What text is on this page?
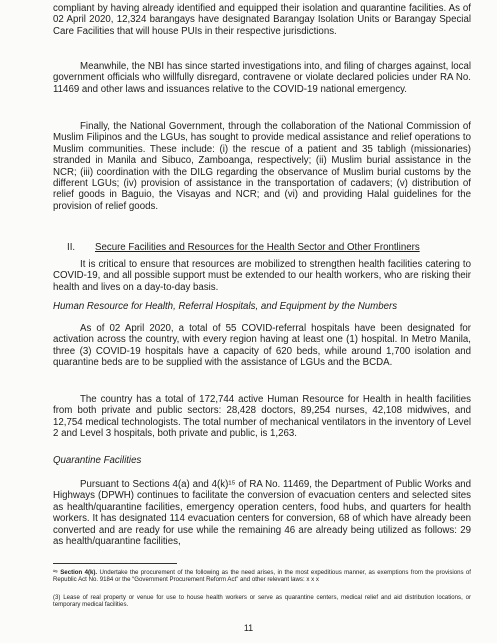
compliant by having already identified and equipped their isolation and quarantine facilities. As of 02 April 2020, 12,324 barangays have designated Barangay Isolation Units or Barangay Special Care Facilities that will house PUIs in their respective jurisdictions.

Meanwhile, the NBI has since started investigations into, and filing of charges against, local government officials who willfully disregard, contravene or violate declared policies under RA No. 11469 and other laws and issuances relative to the COVID-19 national emergency.

Finally, the National Government, through the collaboration of the National Commission of Muslim Filipinos and the LGUs, has sought to provide medical assistance and relief operations to Muslim communities. These include: (i) the rescue of a patient and 35 tabligh (missionaries) stranded in Manila and Sibuco, Zamboanga, respectively; (ii) Muslim burial assistance in the NCR; (iii) coordination with the DILG regarding the observance of Muslim burial customs by the different LGUs; (iv) provision of assistance in the transportation of cadavers; (v) distribution of relief goods in Baguio, the Visayas and NCR; and (vi) and providing Halal guidelines for the provision of relief goods.

II. Secure Facilities and Resources for the Health Sector and Other Frontliners

It is critical to ensure that resources are mobilized to strengthen health facilities catering to COVID-19, and all possible support must be extended to our health workers, who are risking their health and lives on a day-to-day basis.

Human Resource for Health, Referral Hospitals, and Equipment by the Numbers

As of 02 April 2020, a total of 55 COVID-referral hospitals have been designated for activation across the country, with every region having at least one (1) hospital. In Metro Manila, three (3) COVID-19 hospitals have a capacity of 620 beds, while around 1,700 isolation and quarantine beds are to be supplied with the assistance of LGUs and the BCDA.

The country has a total of 172,744 active Human Resource for Health in health facilities from both private and public sectors: 28,428 doctors, 89,254 nurses, 42,108 midwives, and 12,754 medical technologists. The total number of mechanical ventilators in the inventory of Level 2 and Level 3 hospitals, both private and public, is 1,263.

Quarantine Facilities

Pursuant to Sections 4(a) and 4(k)¹⁵ of RA No. 11469, the Department of Public Works and Highways (DPWH) continues to facilitate the conversion of evacuation centers and selected sites as health/quarantine facilities, emergency operation centers, food hubs, and quarters for health workers. It has designated 114 evacuation centers for conversion, 68 of which have already been converted and are ready for use while the remaining 46 are already being utilized as follows: 29 as health/quarantine facilities,

¹⁵ Section 4(k). Undertake the procurement of the following as the need arises, in the most expeditious manner, as exemptions from the provisions of Republic Act No. 9184 or the “Government Procurement Reform Act” and other relevant laws: x x x

(3) Lease of real property or venue for use to house health workers or serve as quarantine centers, medical relief and aid distribution locations, or temporary medical facilities.

11
